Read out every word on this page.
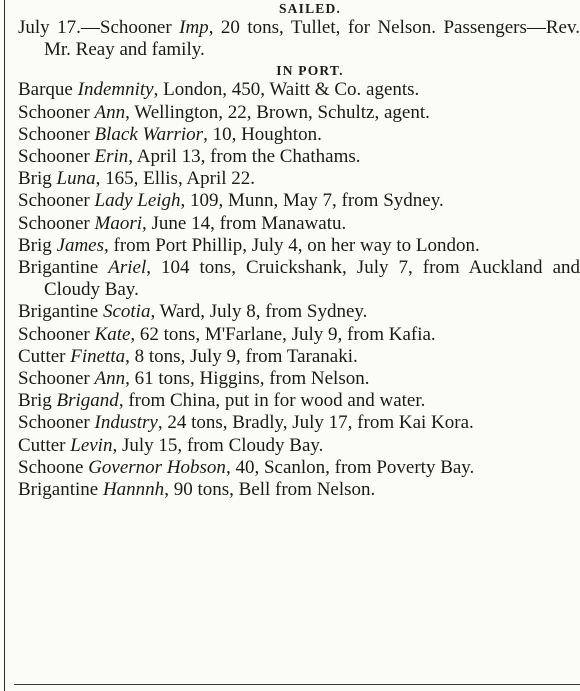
SAILED.
July 17.—Schooner Imp, 20 tons, Tullet, for Nelson. Passengers—Rev. Mr. Reay and family.
IN PORT.
Barque Indemnity, London, 450, Waitt & Co. agents.
Schooner Ann, Wellington, 22, Brown, Schultz, agent.
Schooner Black Warrior, 10, Houghton.
Schooner Erin, April 13, from the Chathams.
Brig Luna, 165, Ellis, April 22.
Schooner Lady Leigh, 109, Munn, May 7, from Sydney.
Schooner Maori, June 14, from Manawatu.
Brig James, from Port Phillip, July 4, on her way to London.
Brigantine Ariel, 104 tons, Cruickshank, July 7, from Auckland and Cloudy Bay.
Brigantine Scotia, Ward, July 8, from Sydney.
Schooner Kate, 62 tons, M'Farlane, July 9, from Kafia.
Cutter Finetta, 8 tons, July 9, from Taranaki.
Schooner Ann, 61 tons, Higgins, from Nelson.
Brig Brigand, from China, put in for wood and water.
Schooner Industry, 24 tons, Bradly, July 17, from Kai Kora.
Cutter Levin, July 15, from Cloudy Bay.
Schoone Governor Hobson, 40, Scanlon, from Poverty Bay.
Brigantine Hannnh, 90 tons, Bell from Nelson.
